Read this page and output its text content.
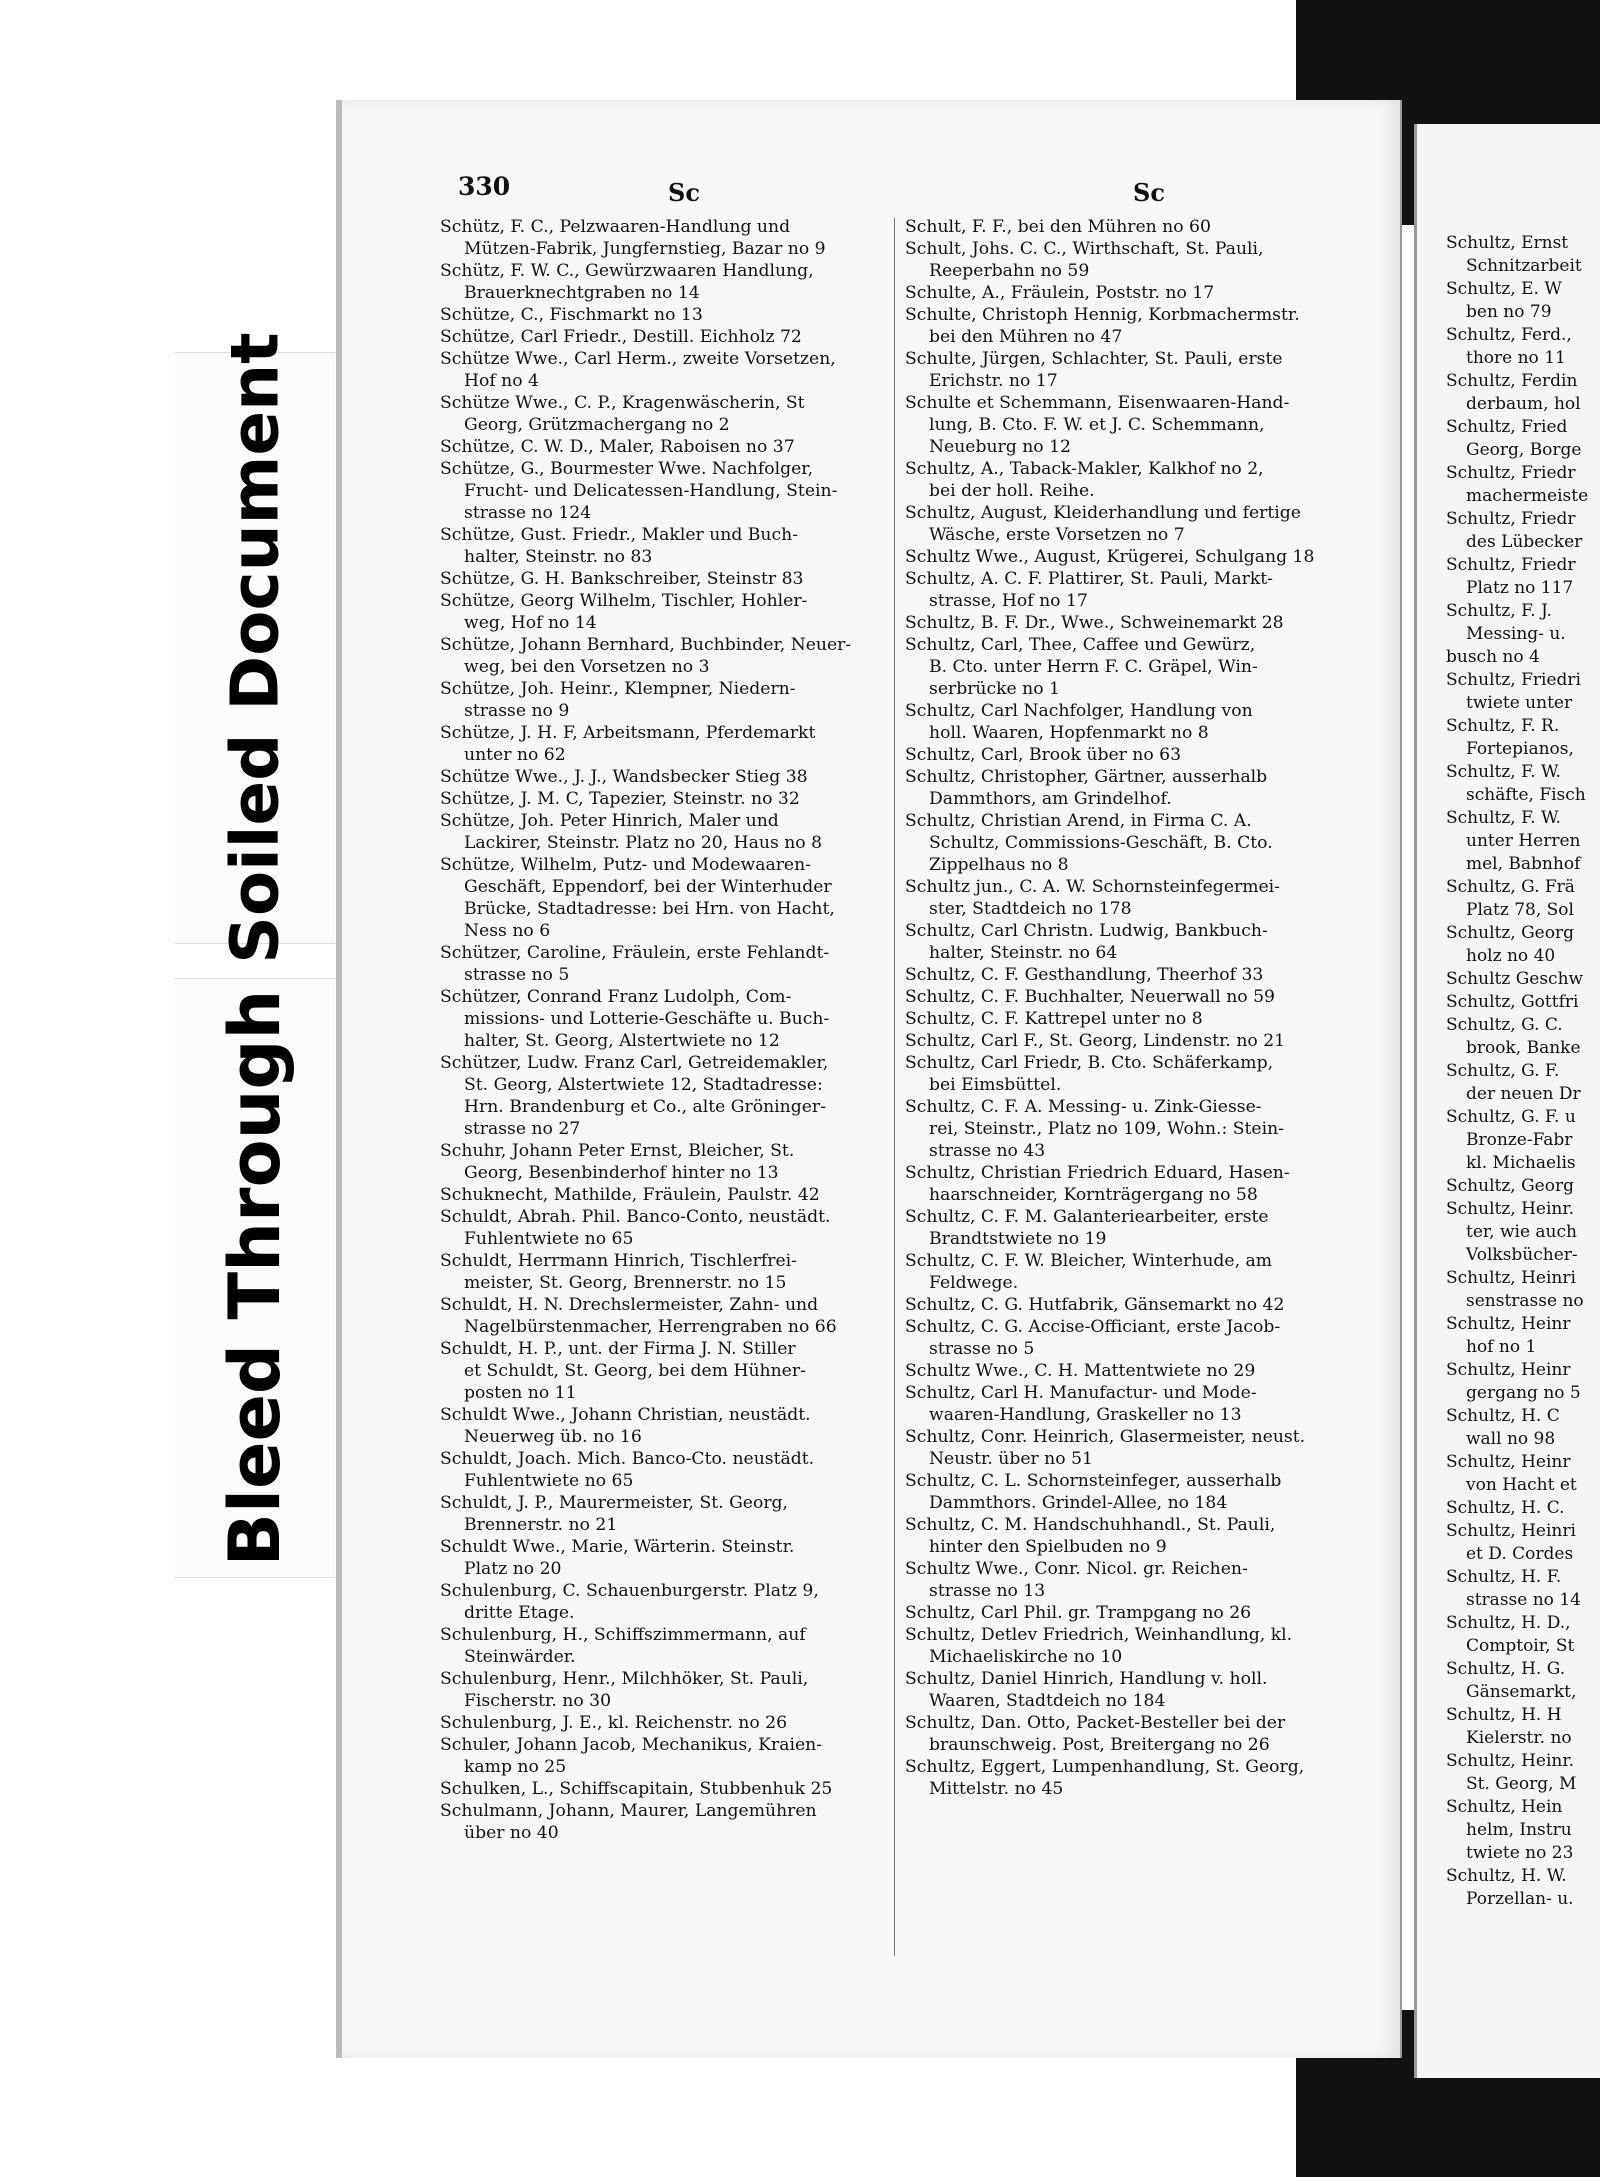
Soiled Document
Bleed Through
330	Sc	Sc
Schütz, F. C., Pelzwaaren-Handlung und
Mützen-Fabrik, Jungfernstieg, Bazar no 9
Schütz, F. W. C., Gewürzwaaren Handlung,
Brauerknechtgraben no 14
Schütze, C., Fischmarkt no 13
Schütze, Carl Friedr., Destill. Eichholz 72
Schütze Wwe., Carl Herm., zweite Vorsetzen,
Hof no 4
Schütze Wwe., C. P., Kragenwäscherin, St
Georg, Grützmachergang no 2
Schütze, C. W. D., Maler, Raboisen no 37
Schütze, G., Bourmester Wwe. Nachfolger,
Frucht- und Delicatessen-Handlung, Stein-
strasse no 124
Schütze, Gust. Friedr., Makler und Buch-
halter, Steinstr. no 83
Schütze, G. H. Bankschreiber, Steinstr 83
Schütze, Georg Wilhelm, Tischler, Hohler-
weg, Hof no 14
Schütze, Johann Bernhard, Buchbinder, Neuer-
weg, bei den Vorsetzen no 3
Schütze, Joh. Heinr., Klempner, Niedern-
strasse no 9
Schütze, J. H. F, Arbeitsmann, Pferdemarkt
unter no 62
Schütze Wwe., J. J., Wandsbecker Stieg 38
Schütze, J. M. C, Tapezier, Steinstr. no 32
Schütze, Joh. Peter Hinrich, Maler und
Lackirer, Steinstr. Platz no 20, Haus no 8
Schütze, Wilhelm, Putz- und Modewaaren-
Geschäft, Eppendorf, bei der Winterhuder
Brücke, Stadtadresse: bei Hrn. von Hacht,
Ness no 6
Schützer, Caroline, Fräulein, erste Fehlandt-
strasse no 5
Schützer, Conrand Franz Ludolph, Com-
missions- und Lotterie-Geschäfte u. Buch-
halter, St. Georg, Alstertwiete no 12
Schützer, Ludw. Franz Carl, Getreidemakler,
St. Georg, Alstertwiete 12, Stadtadresse:
Hrn. Brandenburg et Co., alte Gröninger-
strasse no 27
Schuhr, Johann Peter Ernst, Bleicher, St.
Georg, Besenbinderhof hinter no 13
Schuknecht, Mathilde, Fräulein, Paulstr. 42
Schuldt, Abrah. Phil. Banco-Conto, neustädt.
Fuhlentwiete no 65
Schuldt, Herrmann Hinrich, Tischlerfrei-
meister, St. Georg, Brennerstr. no 15
Schuldt, H. N. Drechslermeister, Zahn- und
Nagelbürstenmacher, Herrengraben no 66
Schuldt, H. P., unt. der Firma J. N. Stiller
et Schuldt, St. Georg, bei dem Hühner-
posten no 11
Schuldt Wwe., Johann Christian, neustädt.
Neuerweg üb. no 16
Schuldt, Joach. Mich. Banco-Cto. neustädt.
Fuhlentwiete no 65
Schuldt, J. P., Maurermeister, St. Georg,
Brennerstr. no 21
Schuldt Wwe., Marie, Wärterin. Steinstr.
Platz no 20
Schulenburg, C. Schauenburgerstr. Platz 9,
dritte Etage.
Schulenburg, H., Schiffszimmermann, auf
Steinwärder.
Schulenburg, Henr., Milchhöker, St. Pauli,
Fischerstr. no 30
Schulenburg, J. E., kl. Reichenstr. no 26
Schuler, Johann Jacob, Mechanikus, Kraien-
kamp no 25
Schulken, L., Schiffscapitain, Stubbenhuk 25
Schulmann, Johann, Maurer, Langemühren
über no 40
Schult, F. F., bei den Mühren no 60
Schult, Johs. C. C., Wirthschaft, St. Pauli,
Reeperbahn no 59
Schulte, A., Fräulein, Poststr. no 17
Schulte, Christoph Hennig, Korbmachermstr.
bei den Mühren no 47
Schulte, Jürgen, Schlachter, St. Pauli, erste
Erichstr. no 17
Schulte et Schemmann, Eisenwaaren-Hand-
lung, B. Cto. F. W. et J. C. Schemmann,
Neueburg no 12
Schultz, A., Taback-Makler, Kalkhof no 2,
bei der holl. Reihe.
Schultz, August, Kleiderhandlung und fertige
Wäsche, erste Vorsetzen no 7
Schultz Wwe., August, Krügerei, Schulgang 18
Schultz, A. C. F. Plattirer, St. Pauli, Markt-
strasse, Hof no 17
Schultz, B. F. Dr., Wwe., Schweinemarkt 28
Schultz, Carl, Thee, Caffee und Gewürz,
B. Cto. unter Herrn F. C. Gräpel, Win-
serbrücke no 1
Schultz, Carl Nachfolger, Handlung von
holl. Waaren, Hopfenmarkt no 8
Schultz, Carl, Brook über no 63
Schultz, Christopher, Gärtner, ausserhalb
Dammthors, am Grindelhof.
Schultz, Christian Arend, in Firma C. A.
Schultz, Commissions-Geschäft, B. Cto.
Zippelhaus no 8
Schultz jun., C. A. W. Schornsteinfegermei-
ster, Stadtdeich no 178
Schultz, Carl Christn. Ludwig, Bankbuch-
halter, Steinstr. no 64
Schultz, C. F. Gesthandlung, Theerhof 33
Schultz, C. F. Buchhalter, Neuerwall no 59
Schultz, C. F. Kattrepel unter no 8
Schultz, Carl F., St. Georg, Lindenstr. no 21
Schultz, Carl Friedr, B. Cto. Schäferkamp,
bei Eimsbüttel.
Schultz, C. F. A. Messing- u. Zink-Giesse-
rei, Steinstr., Platz no 109, Wohn.: Stein-
strasse no 43
Schultz, Christian Friedrich Eduard, Hasen-
haarschneider, Kornträgergang no 58
Schultz, C. F. M. Galanteriearbeiter, erste
Brandtstwiete no 19
Schultz, C. F. W. Bleicher, Winterhude, am
Feldwege.
Schultz, C. G. Hutfabrik, Gänsemarkt no 42
Schultz, C. G. Accise-Officiant, erste Jacob-
strasse no 5
Schultz Wwe., C. H. Mattentwiete no 29
Schultz, Carl H. Manufactur- und Mode-
waaren-Handlung, Graskeller no 13
Schultz, Conr. Heinrich, Glasermeister, neust.
Neustr. über no 51
Schultz, C. L. Schornsteinfeger, ausserhalb
Dammthors. Grindel-Allee, no 184
Schultz, C. M. Handschuhhandl., St. Pauli,
hinter den Spielbuden no 9
Schultz Wwe., Conr. Nicol. gr. Reichen-
strasse no 13
Schultz, Carl Phil. gr. Trampgang no 26
Schultz, Detlev Friedrich, Weinhandlung, kl.
Michaeliskirche no 10
Schultz, Daniel Hinrich, Handlung v. holl.
Waaren, Stadtdeich no 184
Schultz, Dan. Otto, Packet-Besteller bei der
braunschweig. Post, Breitergang no 26
Schultz, Eggert, Lumpenhandlung, St. Georg,
Mittelstr. no 45
Schultz, Ernst
Schnitzarbeit
Schultz, E. W
ben no 79
Schultz, Ferd.,
thore no 11
Schultz, Ferdin
derbaum, hol
Schultz, Fried
Georg, Borge
Schultz, Friedr
machermeiste
Schultz, Friedr
des Lübecker
Schultz, Friedr
Platz no 117
Schultz, F. J.
Messing- u.
busch no 4
Schultz, Friedri
twiete unter
Schultz, F. R.
Fortepianos,
Schultz, F. W.
schäfte, Fisch
Schultz, F. W.
unter Herren
mel, Babnhof
Schultz, G. Frä
Platz 78, Sol
Schultz, Georg
holz no 40
Schultz Geschw
Schultz, Gottfri
Schultz, G. C.
brook, Banke
Schultz, G. F.
der neuen Dr
Schultz, G. F. u
Bronze-Fabr
kl. Michaelis
Schultz, Georg
Schultz, Heinr.
ter, wie auch
Volksbücher-
Schultz, Heinri
senstrasse no
Schultz, Heinr
hof no 1
Schultz, Heinr
gergang no 5
Schultz, H. C
wall no 98
Schultz, Heinr
von Hacht et
Schultz, H. C.
Schultz, Heinri
et D. Cordes
Schultz, H. F.
strasse no 14
Schultz, H. D.,
Comptoir, St
Schultz, H. G.
Gänsemarkt,
Schultz, H. H
Kielerstr. no
Schultz, Heinr.
St. Georg, M
Schultz, Hein
helm, Instru
twiete no 23
Schultz, H. W.
Porzellan- u.
